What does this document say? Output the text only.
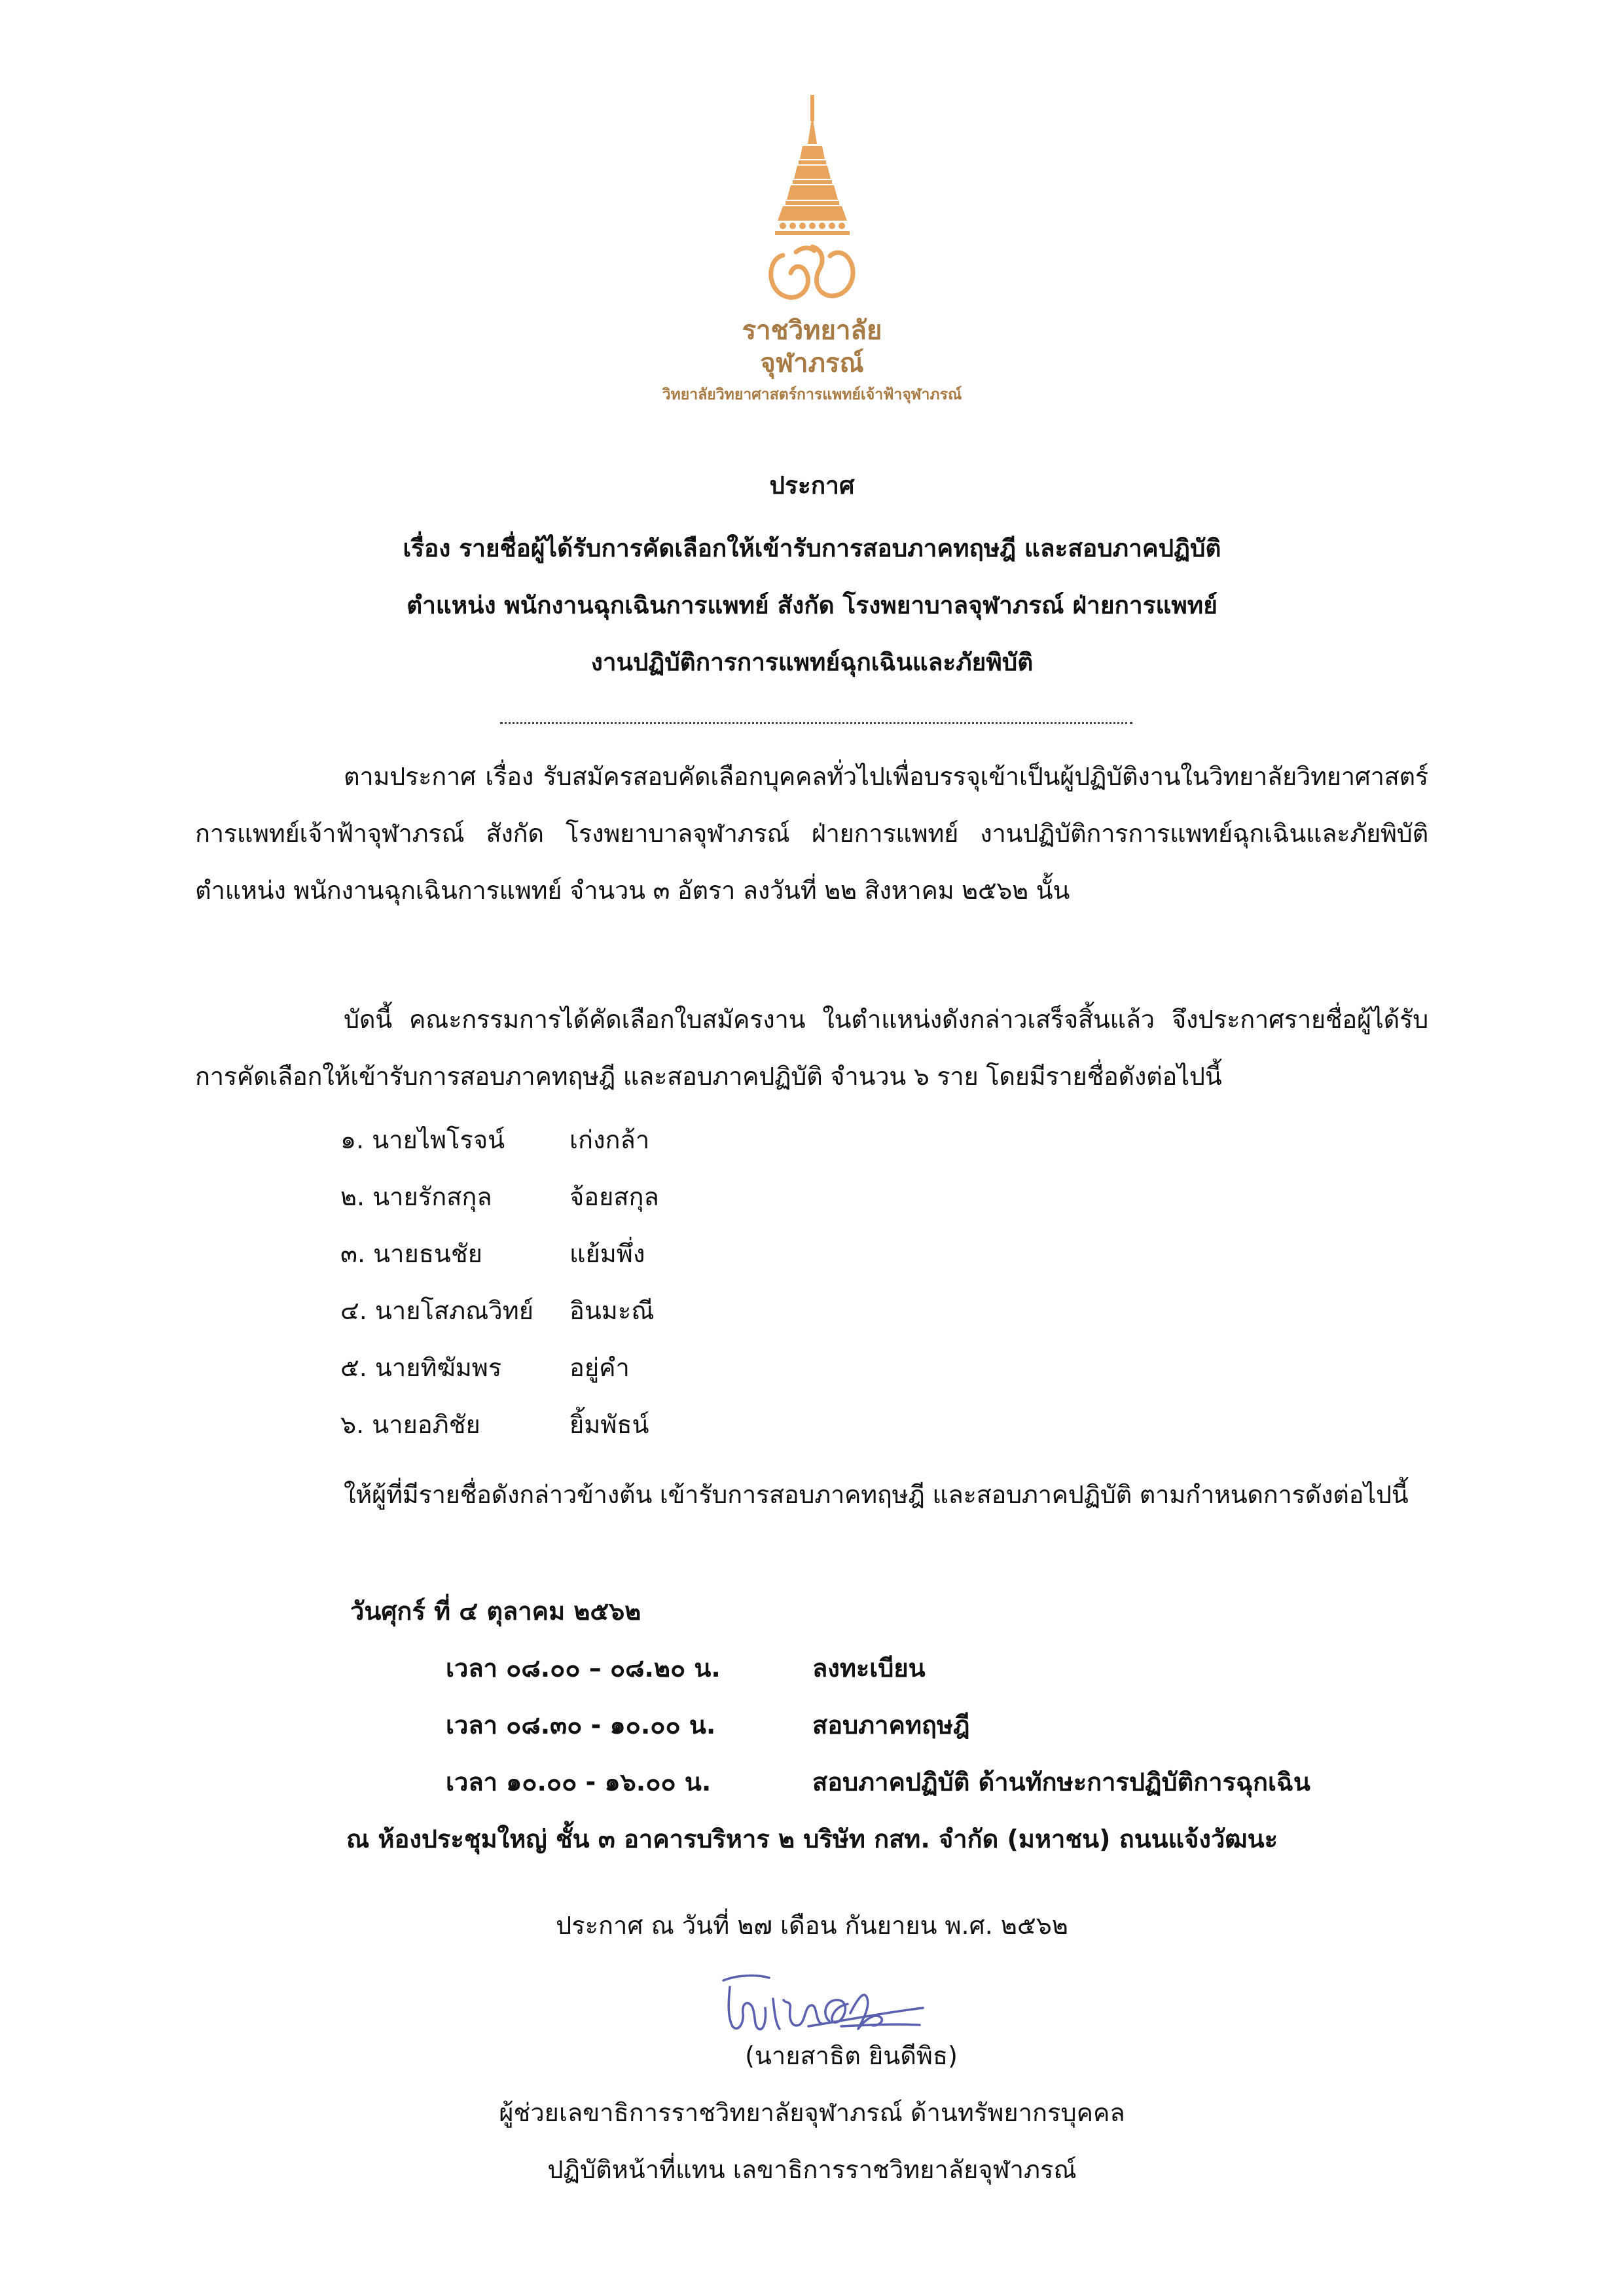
ราชวิทยาลัย
จุฬาภรณ์
วิทยาลัยวิทยาศาสตร์การแพทย์เจ้าฟ้าจุฬาภรณ์
ประกาศ
เรื่อง รายชื่อผู้ได้รับการคัดเลือกให้เข้ารับการสอบภาคทฤษฎี และสอบภาคปฏิบัติ
ตำแหน่ง พนักงานฉุกเฉินการแพทย์ สังกัด โรงพยาบาลจุฬาภรณ์ ฝ่ายการแพทย์
งานปฏิบัติการการแพทย์ฉุกเฉินและภัยพิบัติ

ตามประกาศ เรื่อง รับสมัครสอบคัดเลือกบุคคลทั่วไปเพื่อบรรจุเข้าเป็นผู้ปฏิบัติงานในวิทยาลัยวิทยาศาสตร์การแพทย์เจ้าฟ้าจุฬาภรณ์ สังกัด โรงพยาบาลจุฬาภรณ์ ฝ่ายการแพทย์ งานปฏิบัติการการแพทย์ฉุกเฉินและภัยพิบัติ ตำแหน่ง พนักงานฉุกเฉินการแพทย์ จำนวน ๓ อัตรา ลงวันที่ ๒๒ สิงหาคม ๒๕๖๒ นั้น

บัดนี้ คณะกรรมการได้คัดเลือกใบสมัครงาน ในตำแหน่งดังกล่าวเสร็จสิ้นแล้ว จึงประกาศรายชื่อผู้ได้รับการคัดเลือกให้เข้ารับการสอบภาคทฤษฎี และสอบภาคปฏิบัติ จำนวน ๖ ราย โดยมีรายชื่อดังต่อไปนี้

๑. นายไพโรจน์	เก่งกล้า
๒. นายรักสกุล	จ้อยสกุล
๓. นายธนชัย	แย้มพึ่ง
๔. นายโสภณวิทย์ อินมะณี
๕. นายทิฆัมพร	อยู่คำ
๖. นายอภิชัย	ยิ้มพัธน์

ให้ผู้ที่มีรายชื่อดังกล่าวข้างต้น เข้ารับการสอบภาคทฤษฎี และสอบภาคปฏิบัติ ตามกำหนดการดังต่อไปนี้

วันศุกร์ ที่ ๔ ตุลาคม ๒๕๖๒
เวลา ๐๘.๐๐ – ๐๘.๒๐ น.	ลงทะเบียน
เวลา ๐๘.๓๐ - ๑๐.๐๐ น.	สอบภาคทฤษฎี
เวลา ๑๐.๐๐ - ๑๖.๐๐ น.	สอบภาคปฏิบัติ ด้านทักษะการปฏิบัติการฉุกเฉิน
ณ ห้องประชุมใหญ่ ชั้น ๓ อาคารบริหาร ๒ บริษัท กสท. จำกัด (มหาชน) ถนนแจ้งวัฒนะ
ประกาศ ณ วันที่ ๒๗ เดือน กันยายน พ.ศ. ๒๕๖๒
(นายสาธิต ยินดีพิธ)
ผู้ช่วยเลขาธิการราชวิทยาลัยจุฬาภรณ์ ด้านทรัพยากรบุคคล
ปฏิบัติหน้าที่แทน เลขาธิการราชวิทยาลัยจุฬาภรณ์
